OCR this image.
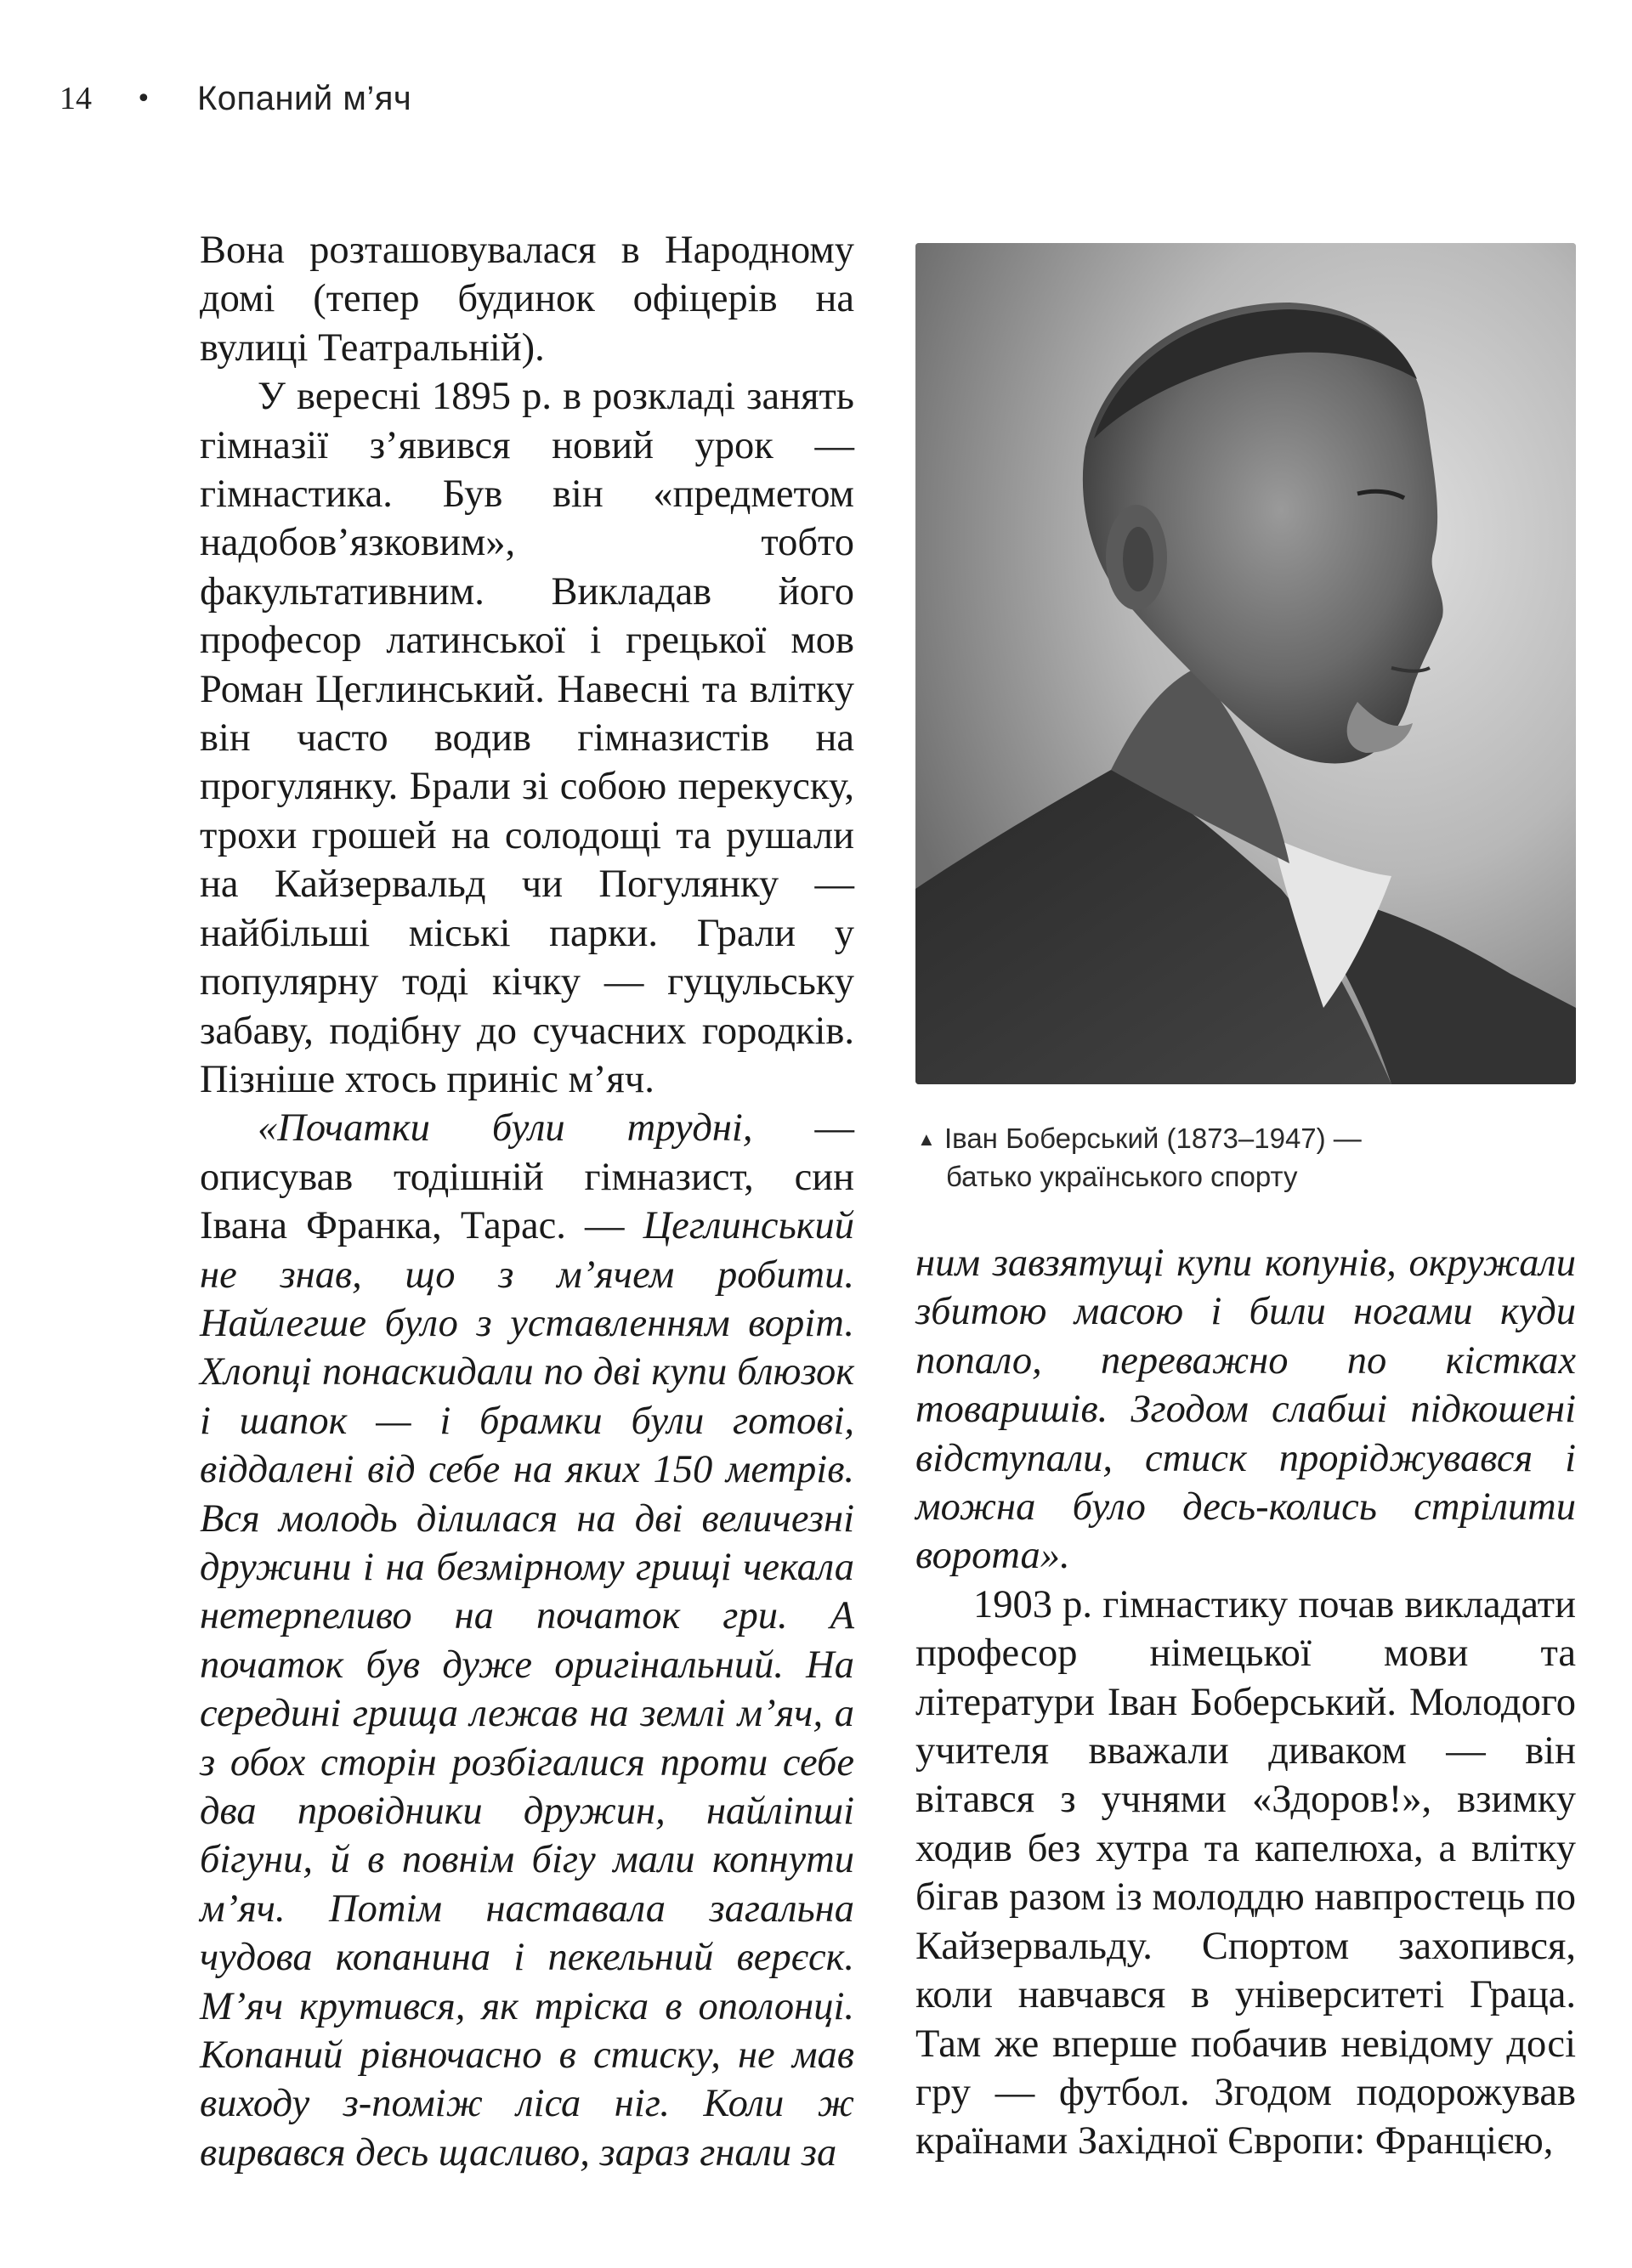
14	•	Копаний м’яч

Вона розташовувалася в Народному домі (тепер будинок офіцерів на вулиці Театральній).

У вересні 1895 р. в розкладі занять гімназії з’явився новий урок — гімнастика. Був він «предметом надобов’язковим», тобто факультативним. Викладав його професор латинської і грецької мов Роман Цеглинський. Навесні та влітку він часто водив гімназистів на прогулянку. Брали зі собою перекуску, трохи грошей на солодощі та рушали на Кайзервальд чи Погулянку — найбільші міські парки. Грали у популярну тоді кічку — гуцульську забаву, подібну до сучасних городків. Пізніше хтось приніс м’яч.

«Початки були трудні, — описував тодішній гімназист, син Івана Франка, Тарас. — Цеглинський не знав, що з м’ячем робити. Найлегше було з уставленням воріт. Хлопці понаскидали по дві купи блюзок і шапок — і брамки були готові, віддалені від себе на яких 150 метрів. Вся молодь ділилася на дві величезні дружини і на безмірному грищі чекала нетерпеливо на початок гри. А початок був дуже оригінальний. На середині грища лежав на землі м’яч, а з обох сторін розбігалися проти себе два провідники дружин, найліпші бігуни, й в повнім бігу мали копнути м’яч. Потім наставала загальна чудова копанина і пекельний верєск. М’яч крутився, як тріска в ополонці. Копаний рівночасно в стиску, не мав виходу з-поміж ліса ніг. Коли ж вирвався десь щасливо, зараз гнали за

▲ Іван Боберський (1873–1947) —
батько українського спорту

ним завзятущі купи копунів, окружали збитою масою і били ногами куди попало, переважно по кістках товаришів. Згодом слабші підкошені відступали, стиск проріджувався і можна було десь-колись стрілити ворота».

1903 р. гімнастику почав викладати професор німецької мови та літератури Іван Боберський. Молодого учителя вважали диваком — він вітався з учнями «Здоров!», взимку ходив без хутра та капелюха, а влітку бігав разом із молоддю навпростець по Кайзервальду. Спортом захопився, коли навчався в університеті Граца. Там же вперше побачив невідому досі гру — футбол. Згодом подорожував країнами Західної Європи: Францією,
